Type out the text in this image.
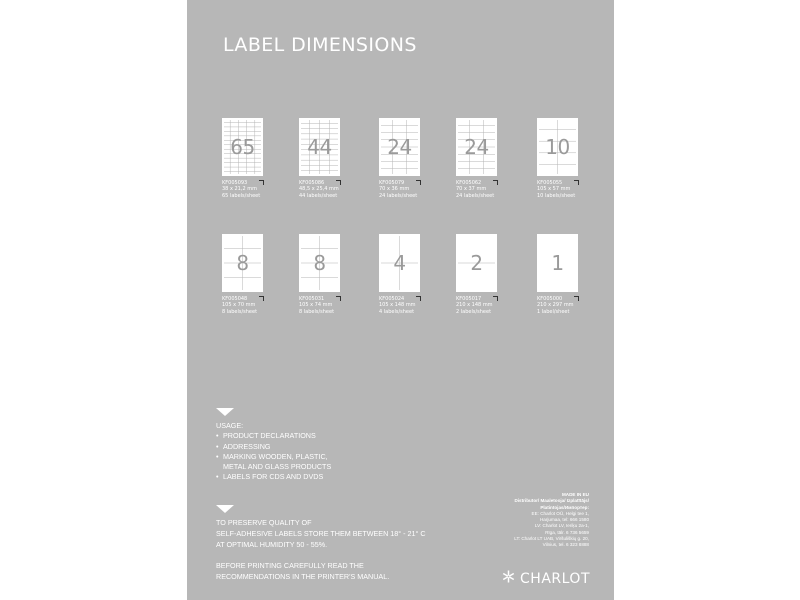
LABEL DIMENSIONS
65
KF005093
38 x 21,2 mm
65 labels/sheet
44
KF005086
48,5 x 25,4 mm
44 labels/sheet
24
KF005079
70 x 36 mm
24 labels/sheet
24
KF005062
70 x 37 mm
24 labels/sheet
10
KF005055
105 x 57 mm
10 labels/sheet
8
KF005048
105 x 70 mm
8 labels/sheet
8
KF005031
105 x 74 mm
8 labels/sheet
4
KF005024
105 x 148 mm
4 labels/sheet
2
KF005017
210 x 148 mm
2 labels/sheet
1
KF005000
210 x 297 mm
1 label/sheet
USAGE:
• PRODUCT DECLARATIONS
• ADDRESSING
• MARKING WOODEN, PLASTIC,
METAL AND GLASS PRODUCTS
• LABELS FOR CDS AND DVDS

TO PRESERVE QUALITY OF

SELF-ADHESIVE LABELS STORE THEM BETWEEN 18° - 21° C

AT OPTIMAL HUMIDITY 50 - 55%.

BEFORE PRINTING CAREFULLY READ THE

RECOMMENDATIONS IN THE PRINTER'S MANUAL.

MADE IN EU
Distributor/ Maaletooja/ Izplatītājs/
Platintojas/Импортер:
EE: Charlot OÜ, Helgi tee 1,
Harjumaa, tel: 666 1580
LV: Charlot LV, Ieriķu 2a-1,
Rīga, tālr. 6 736 5659
LT: Charlot LT UAB, Viršuliškių g. 20,
Vilnius, tel. 6 323 8888
CHARLOT
